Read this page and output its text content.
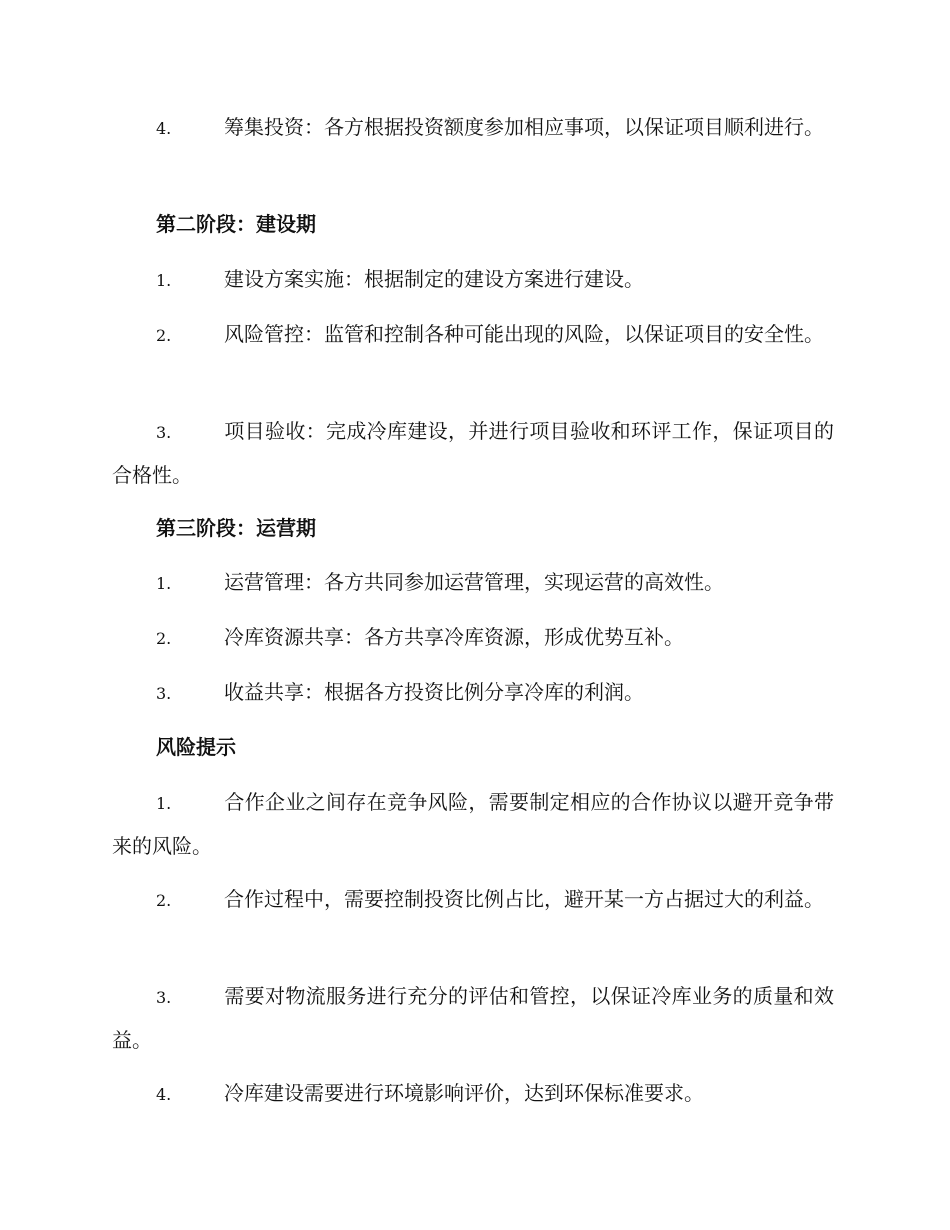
4.	筹集投资：各方根据投资额度参加相应事项，以保证项目顺利进行。

第二阶段：建设期

1.	建设方案实施：根据制定的建设方案进行建设。

2.	风险管控：监管和控制各种可能出现的风险，以保证项目的安全性。

3.	项目验收：完成冷库建设，并进行项目验收和环评工作，保证项目的合格性。

第三阶段：运营期

1.	运营管理：各方共同参加运营管理，实现运营的高效性。

2.	冷库资源共享：各方共享冷库资源，形成优势互补。

3.	收益共享：根据各方投资比例分享冷库的利润。

风险提示

1.	合作企业之间存在竞争风险，需要制定相应的合作协议以避开竞争带来的风险。

2.	合作过程中，需要控制投资比例占比，避开某一方占据过大的利益。

3.	需要对物流服务进行充分的评估和管控，以保证冷库业务的质量和效益。

4.	冷库建设需要进行环境影响评价，达到环保标准要求。
